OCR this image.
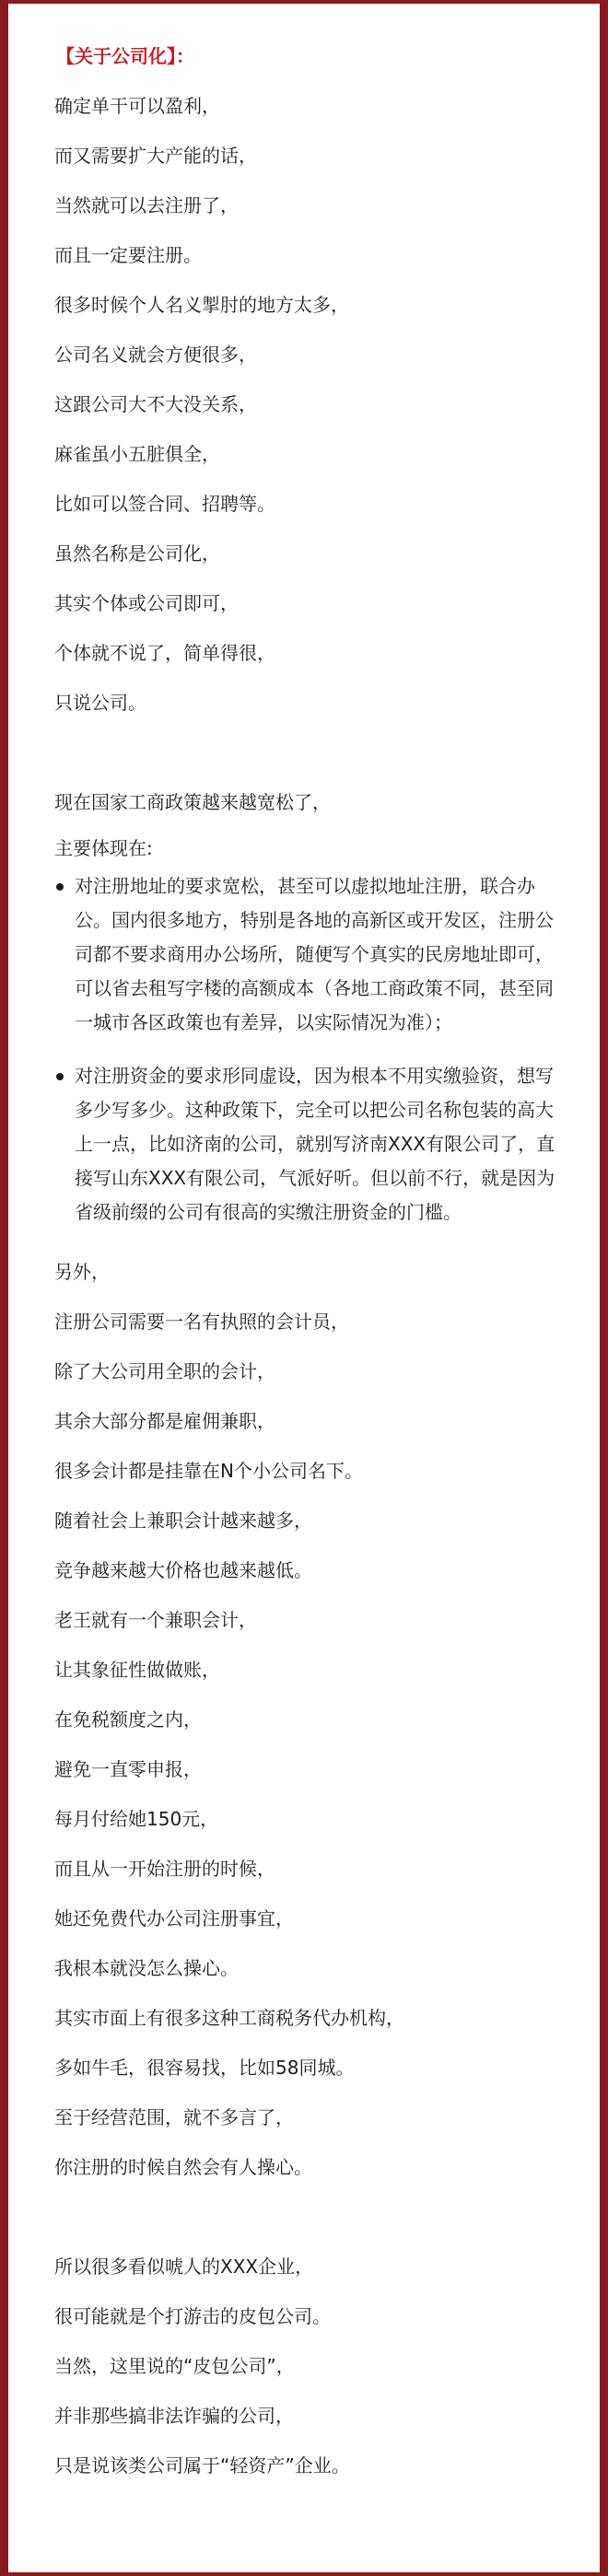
【关于公司化】：
确定单干可以盈利，
而又需要扩大产能的话，
当然就可以去注册了，
而且一定要注册。
很多时候个人名义掣肘的地方太多，
公司名义就会方便很多，
这跟公司大不大没关系，
麻雀虽小五脏俱全，
比如可以签合同、招聘等。
虽然名称是公司化，
其实个体或公司即可，
个体就不说了，简单得很，
只说公司。
现在国家工商政策越来越宽松了，
主要体现在:
对注册地址的要求宽松，甚至可以虚拟地址注册，联合办公。国内很多地方，特别是各地的高新区或开发区，注册公司都不要求商用办公场所，随便写个真实的民房地址即可，可以省去租写字楼的高额成本（各地工商政策不同，甚至同一城市各区政策也有差异，以实际情况为准）；
对注册资金的要求形同虚设，因为根本不用实缴验资，想写多少写多少。这种政策下，完全可以把公司名称包装的高大上一点，比如济南的公司，就别写济南XXX有限公司了，直接写山东XXX有限公司，气派好听。但以前不行，就是因为省级前缀的公司有很高的实缴注册资金的门槛。
另外，
注册公司需要一名有执照的会计员，
除了大公司用全职的会计，
其余大部分都是雇佣兼职，
很多会计都是挂靠在N个小公司名下。
随着社会上兼职会计越来越多，
竞争越来越大价格也越来越低。
老王就有一个兼职会计，
让其象征性做做账，
在免税额度之内，
避免一直零申报，
每月付给她150元，
而且从一开始注册的时候，
她还免费代办公司注册事宜，
我根本就没怎么操心。
其实市面上有很多这种工商税务代办机构，
多如牛毛，很容易找，比如58同城。
至于经营范围，就不多言了，
你注册的时候自然会有人操心。
所以很多看似唬人的XXX企业，
很可能就是个打游击的皮包公司。
当然，这里说的“皮包公司”，
并非那些搞非法诈骗的公司，
只是说该类公司属于“轻资产”企业。
